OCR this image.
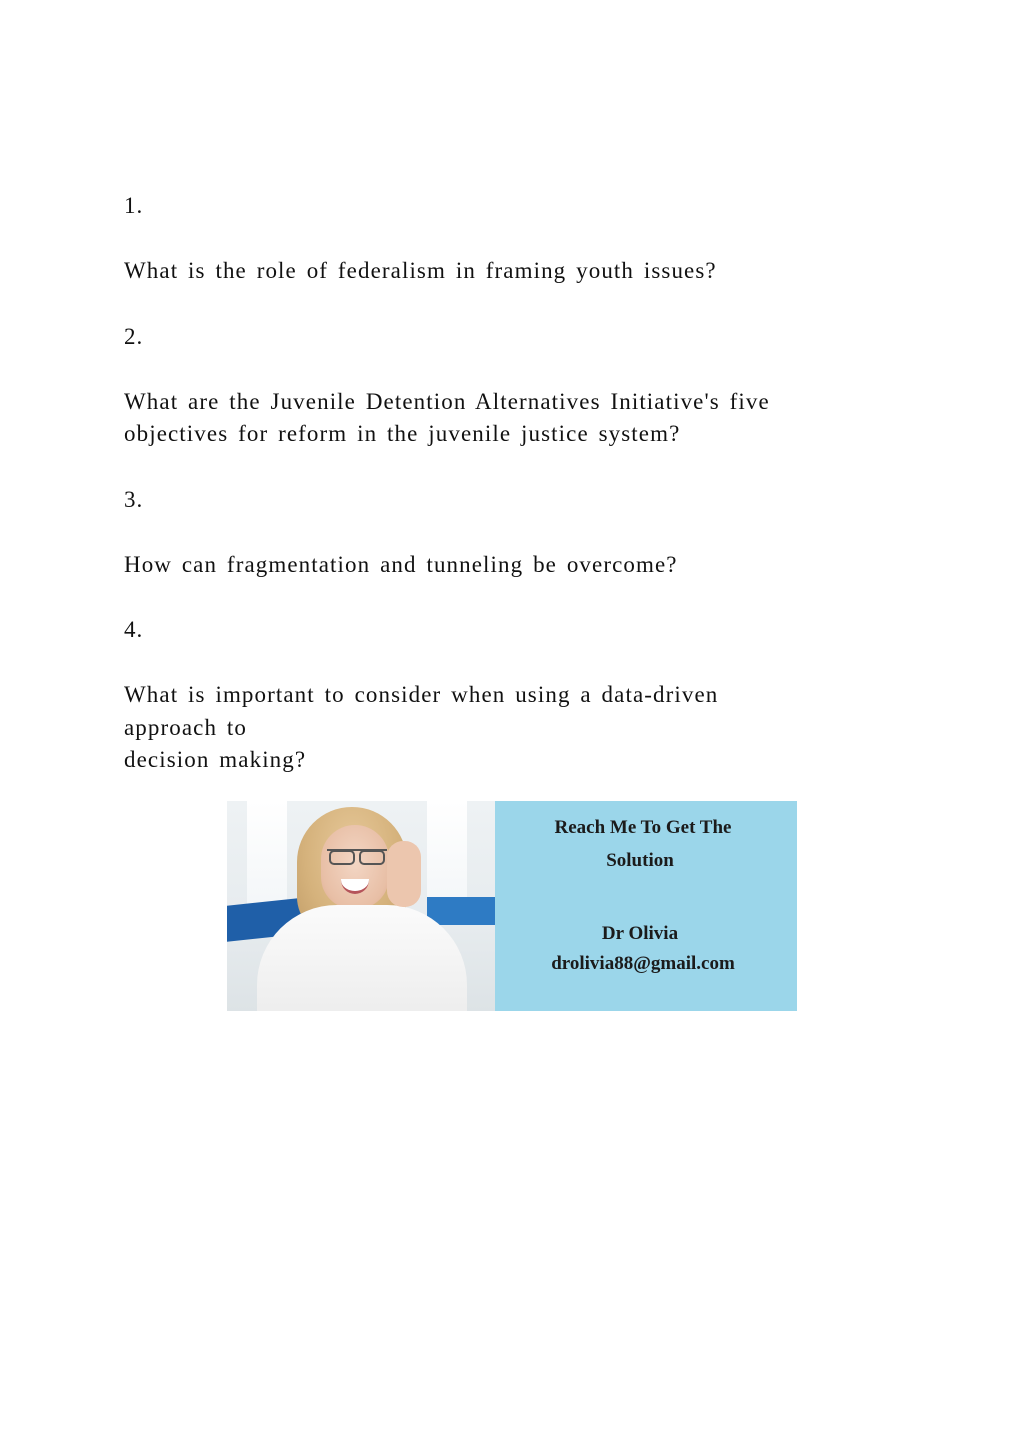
1.
What is the role of federalism in framing youth issues?
2.
What are the Juvenile Detention Alternatives Initiative's five
objectives for reform in the juvenile justice system?
3.
How can fragmentation and tunneling be overcome?
4.
What is important to consider when using a data-driven
approach to
decision making?
Reach Me To Get The
Solution
Dr Olivia
drolivia88@gmail.com
